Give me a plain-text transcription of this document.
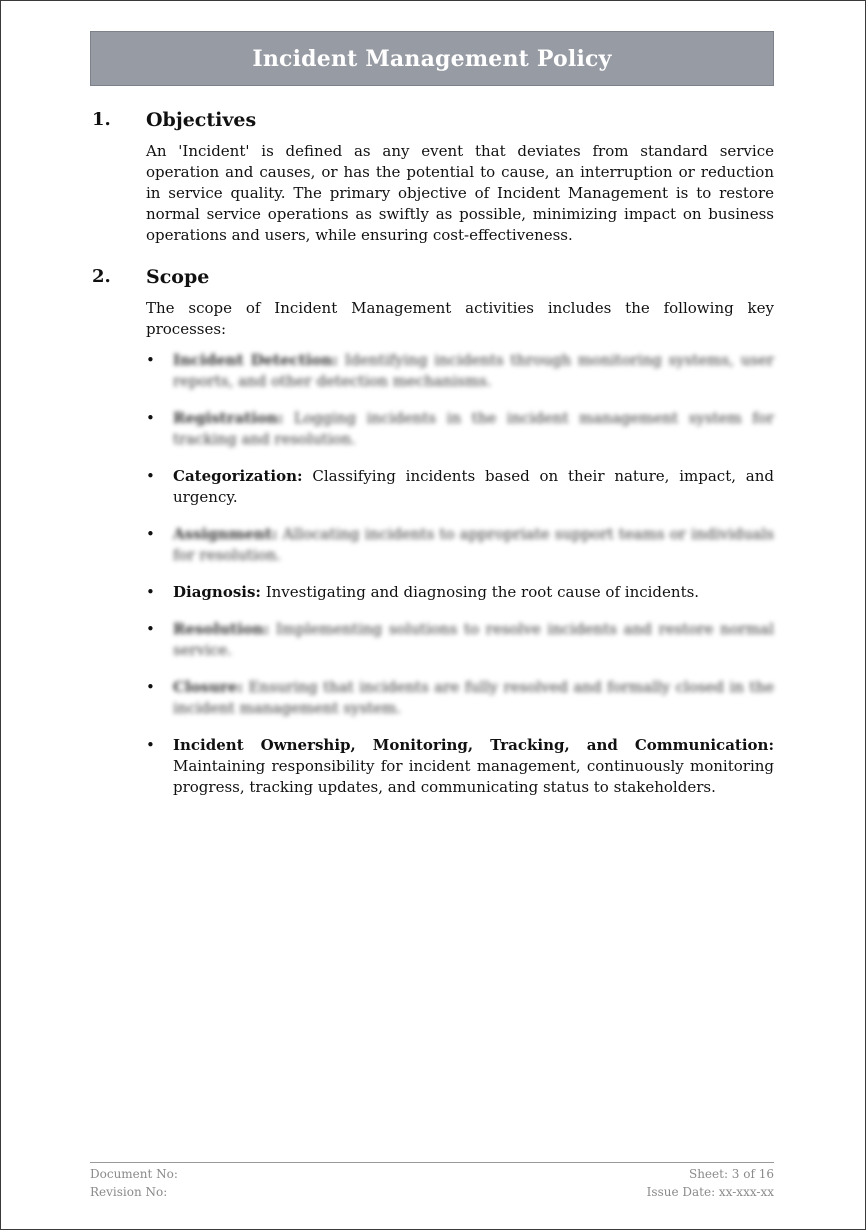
Incident Management Policy
1. Objectives

An 'Incident' is defined as any event that deviates from standard service operation and causes, or has the potential to cause, an interruption or reduction in service quality. The primary objective of Incident Management is to restore normal service operations as swiftly as possible, minimizing impact on business operations and users, while ensuring cost-effectiveness.

2. Scope

The scope of Incident Management activities includes the following key processes:

• Incident Detection: Identifying incidents through monitoring systems, user reports, and other detection mechanisms.
• Registration: Logging incidents in the incident management system for tracking and resolution.
• Categorization: Classifying incidents based on their nature, impact, and urgency.
• Assignment: Allocating incidents to appropriate support teams or individuals for resolution.
• Diagnosis: Investigating and diagnosing the root cause of incidents.
• Resolution: Implementing solutions to resolve incidents and restore normal service.
• Closure: Ensuring that incidents are fully resolved and formally closed in the incident management system.
• Incident Ownership, Monitoring, Tracking, and Communication: Maintaining responsibility for incident management, continuously monitoring progress, tracking updates, and communicating status to stakeholders.
Document No:	Sheet: 3 of 16
Revision No:	Issue Date: xx-xxx-xx
